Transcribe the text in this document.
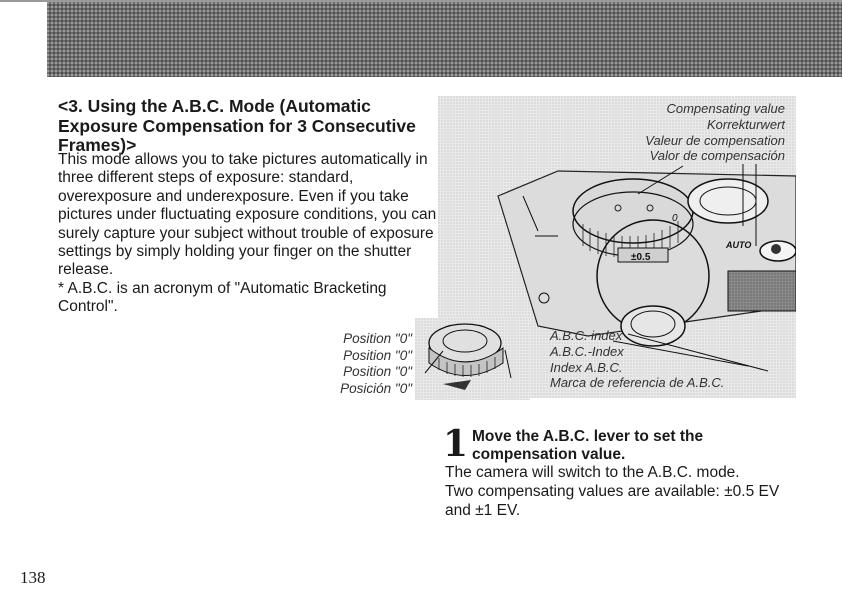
<3. Using the A.B.C. Mode (Automatic Exposure Compensation for 3 Consecutive Frames)>

This mode allows you to take pictures automatically in three different steps of exposure: standard, overexposure and underexposure. Even if you take pictures under fluctuating exposure conditions, you can surely capture your subject without trouble of exposure settings by simply holding your finger on the shutter release.

* A.B.C. is an acronym of "Automatic Bracketing Control".

Position "0"
Position "0"
Position "0"
Posición "0"
AUTO
0
±0.5
Compensating value
Korrekturwert
Valeur de compensation
Valor de compensación
A.B.C. index
A.B.C.-Index
Index A.B.C.
Marca de referencia de A.B.C.
1 Move the A.B.C. lever to set the compensation value.

The camera will switch to the A.B.C. mode.

Two compensating values are available: ±0.5 EV

and ±1 EV.

138
